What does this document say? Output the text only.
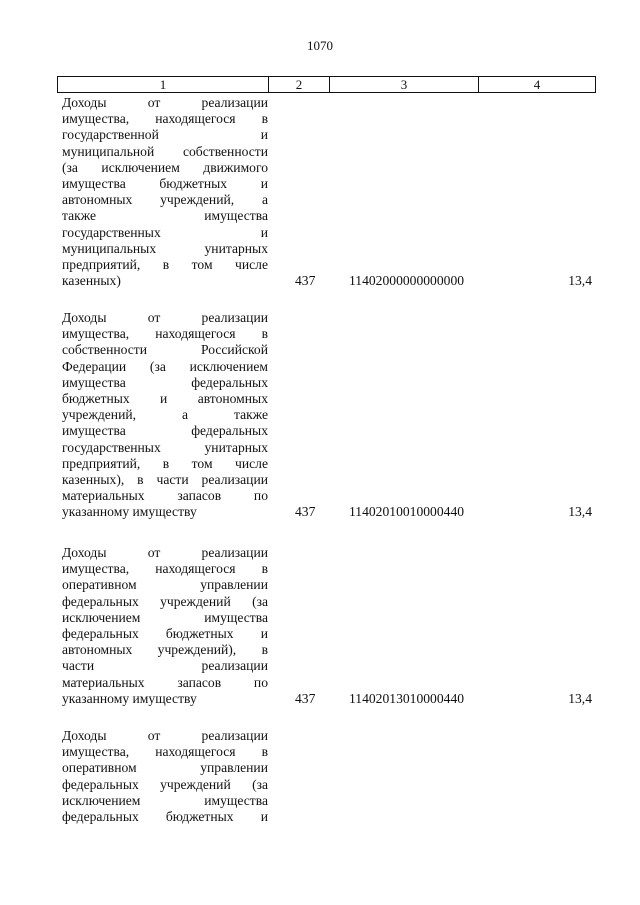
1070
1	2	3	4
Доходы от реализации
имущества, находящегося в
государственной и
муниципальной собственности
(за исключением движимого
имущества бюджетных и
автономных учреждений, а
также имущества
государственных и
муниципальных унитарных
предприятий, в том числе
казенных)	437 11402000000000000	13,4
Доходы от реализации
имущества, находящегося в
собственности Российской
Федерации (за исключением
имущества федеральных
бюджетных и автономных
учреждений, а также
имущества федеральных
государственных унитарных
предприятий, в том числе
казенных), в части реализации
материальных запасов по
указанному имуществу	437 11402010010000440	13,4
Доходы от реализации
имущества, находящегося в
оперативном управлении
федеральных учреждений (за
исключением имущества
федеральных бюджетных и
автономных учреждений), в
части реализации
материальных запасов по
указанному имуществу	437 11402013010000440	13,4
Доходы от реализации
имущества, находящегося в
оперативном управлении
федеральных учреждений (за
исключением имущества
федеральных бюджетных и
